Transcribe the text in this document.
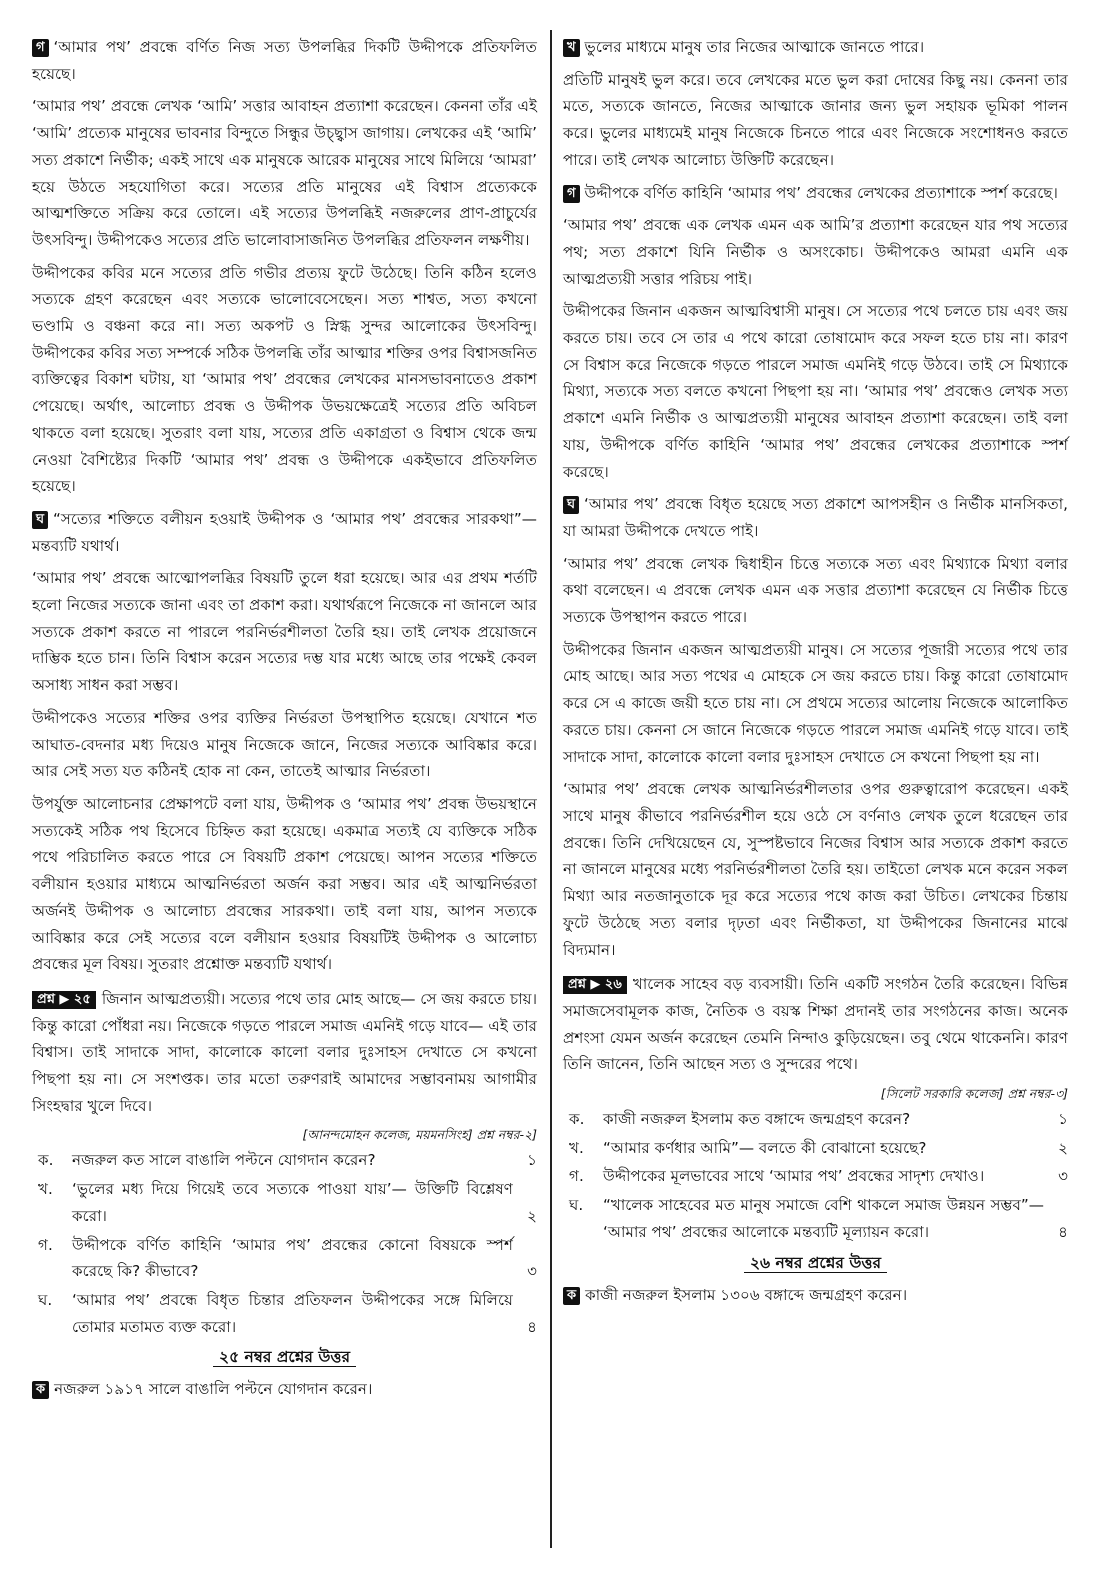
গ ‘আমার পথ’ প্রবন্ধে বর্ণিত নিজ সত্য উপলব্ধির দিকটি উদ্দীপকে প্রতিফলিত হয়েছে।

‘আমার পথ’ প্রবন্ধে লেখক ‘আমি’ সত্তার আবাহন প্রত্যাশা করেছেন। কেননা তাঁর এই ‘আমি’ প্রত্যেক মানুষের ভাবনার বিন্দুতে সিন্ধুর উচ্ছ্বাস জাগায়। লেখকের এই ‘আমি’ সত্য প্রকাশে নির্ভীক; একই সাথে এক মানুষকে আরেক মানুষের সাথে মিলিয়ে ‘আমরা’ হয়ে উঠতে সহযোগিতা করে। সত্যের প্রতি মানুষের এই বিশ্বাস প্রত্যেককে আত্মশক্তিতে সক্রিয় করে তোলে। এই সত্যের উপলব্ধিই নজরুলের প্রাণ-প্রাচুর্যের উৎসবিন্দু। উদ্দীপকেও সত্যের প্রতি ভালোবাসাজনিত উপলব্ধির প্রতিফলন লক্ষণীয়।

উদ্দীপকের কবির মনে সত্যের প্রতি গভীর প্রত্যয় ফুটে উঠেছে। তিনি কঠিন হলেও সত্যকে গ্রহণ করেছেন এবং সত্যকে ভালোবেসেছেন। সত্য শাশ্বত, সত্য কখনো ভণ্ডামি ও বঞ্চনা করে না। সত্য অকপট ও স্নিগ্ধ সুন্দর আলোকের উৎসবিন্দু। উদ্দীপকের কবির সত্য সম্পর্কে সঠিক উপলব্ধি তাঁর আত্মার শক্তির ওপর বিশ্বাসজনিত ব্যক্তিত্বের বিকাশ ঘটায়, যা ‘আমার পথ’ প্রবন্ধের লেখকের মানসভাবনাতেও প্রকাশ পেয়েছে। অর্থাৎ, আলোচ্য প্রবন্ধ ও উদ্দীপক উভয়ক্ষেত্রেই সত্যের প্রতি অবিচল থাকতে বলা হয়েছে। সুতরাং বলা যায়, সত্যের প্রতি একাগ্রতা ও বিশ্বাস থেকে জন্ম নেওয়া বৈশিষ্ট্যের দিকটি ‘আমার পথ’ প্রবন্ধ ও উদ্দীপকে একইভাবে প্রতিফলিত হয়েছে।

ঘ “সত্যের শক্তিতে বলীয়ন হওয়াই উদ্দীপক ও ‘আমার পথ’ প্রবন্ধের সারকথা”— মন্তব্যটি যথার্থ।

‘আমার পথ’ প্রবন্ধে আত্মোপলব্ধির বিষয়টি তুলে ধরা হয়েছে। আর এর প্রথম শর্তটি হলো নিজের সত্যকে জানা এবং তা প্রকাশ করা। যথার্থরূপে নিজেকে না জানলে আর সত্যকে প্রকাশ করতে না পারলে পরনির্ভরশীলতা তৈরি হয়। তাই লেখক প্রয়োজনে দাম্ভিক হতে চান। তিনি বিশ্বাস করেন সত্যের দম্ভ যার মধ্যে আছে তার পক্ষেই কেবল অসাধ্য সাধন করা সম্ভব।

উদ্দীপকেও সত্যের শক্তির ওপর ব্যক্তির নির্ভরতা উপস্থাপিত হয়েছে। যেখানে শত আঘাত-বেদনার মধ্য দিয়েও মানুষ নিজেকে জানে, নিজের সত্যকে আবিষ্কার করে। আর সেই সত্য যত কঠিনই হোক না কেন, তাতেই আত্মার নির্ভরতা।

উপর্যুক্ত আলোচনার প্রেক্ষাপটে বলা যায়, উদ্দীপক ও ‘আমার পথ’ প্রবন্ধ উভয়স্থানে সত্যকেই সঠিক পথ হিসেবে চিহ্নিত করা হয়েছে। একমাত্র সত্যই যে ব্যক্তিকে সঠিক পথে পরিচালিত করতে পারে সে বিষয়টি প্রকাশ পেয়েছে। আপন সত্যের শক্তিতে বলীয়ান হওয়ার মাধ্যমে আত্মনির্ভরতা অর্জন করা সম্ভব। আর এই আত্মনির্ভরতা অর্জনই উদ্দীপক ও আলোচ্য প্রবন্ধের সারকথা। তাই বলা যায়, আপন সত্যকে আবিষ্কার করে সেই সত্যের বলে বলীয়ান হওয়ার বিষয়টিই উদ্দীপক ও আলোচ্য প্রবন্ধের মূল বিষয়। সুতরাং প্রশ্নোক্ত মন্তব্যটি যথার্থ।

প্রশ্ন ▶ ২৫ জিনান আত্মপ্রত্যয়ী। সত্যের পথে তার মোহ আছে— সে জয় করতে চায়। কিন্তু কারো পোঁধরা নয়। নিজেকে গড়তে পারলে সমাজ এমনিই গড়ে যাবে— এই তার বিশ্বাস। তাই সাদাকে সাদা, কালোকে কালো বলার দুঃসাহস দেখাতে সে কখনো পিছপা হয় না। সে সংশপ্তক। তার মতো তরুণরাই আমাদের সম্ভাবনাময় আগামীর সিংহদ্বার খুলে দিবে।

[আনন্দমোহন কলেজ, ময়মনসিংহ] প্রশ্ন নম্বর-২]
ক.	নজরুল কত সালে বাঙালি পল্টনে যোগদান করেন?	১
খ.	‘ভুলের মধ্য দিয়ে গিয়েই তবে সত্যকে পাওয়া যায়’— উক্তিটি বিশ্লেষণ করো।	২
গ.	উদ্দীপকে বর্ণিত কাহিনি ‘আমার পথ’ প্রবন্ধের কোনো বিষয়কে স্পর্শ করেছে কি? কীভাবে?	৩
ঘ.	‘আমার পথ’ প্রবন্ধে বিধৃত চিন্তার প্রতিফলন উদ্দীপকের সঙ্গে মিলিয়ে তোমার মতামত ব্যক্ত করো।	৪
২৫ নম্বর প্রশ্নের উত্তর

ক নজরুল ১৯১৭ সালে বাঙালি পল্টনে যোগদান করেন।

খ ভুলের মাধ্যমে মানুষ তার নিজের আত্মাকে জানতে পারে।

প্রতিটি মানুষই ভুল করে। তবে লেখকের মতে ভুল করা দোষের কিছু নয়। কেননা তার মতে, সত্যকে জানতে, নিজের আত্মাকে জানার জন্য ভুল সহায়ক ভূমিকা পালন করে। ভুলের মাধ্যমেই মানুষ নিজেকে চিনতে পারে এবং নিজেকে সংশোধনও করতে পারে। তাই লেখক আলোচ্য উক্তিটি করেছেন।

গ উদ্দীপকে বর্ণিত কাহিনি ‘আমার পথ’ প্রবন্ধের লেখকের প্রত্যাশাকে স্পর্শ করেছে।

‘আমার পথ’ প্রবন্ধে এক লেখক এমন এক আমি’র প্রত্যাশা করেছেন যার পথ সত্যের পথ; সত্য প্রকাশে যিনি নির্ভীক ও অসংকোচ। উদ্দীপকেও আমরা এমনি এক আত্মপ্রত্যয়ী সত্তার পরিচয় পাই।

উদ্দীপকের জিনান একজন আত্মবিশ্বাসী মানুষ। সে সত্যের পথে চলতে চায় এবং জয় করতে চায়। তবে সে তার এ পথে কারো তোষামোদ করে সফল হতে চায় না। কারণ সে বিশ্বাস করে নিজেকে গড়তে পারলে সমাজ এমনিই গড়ে উঠবে। তাই সে মিথ্যাকে মিথ্যা, সত্যকে সত্য বলতে কখনো পিছপা হয় না। ‘আমার পথ’ প্রবন্ধেও লেখক সত্য প্রকাশে এমনি নির্ভীক ও আত্মপ্রত্যয়ী মানুষের আবাহন প্রত্যাশা করেছেন। তাই বলা যায়, উদ্দীপকে বর্ণিত কাহিনি ‘আমার পথ’ প্রবন্ধের লেখকের প্রত্যাশাকে স্পর্শ করেছে।

ঘ ‘আমার পথ’ প্রবন্ধে বিধৃত হয়েছে সত্য প্রকাশে আপসহীন ও নির্ভীক মানসিকতা, যা আমরা উদ্দীপকে দেখতে পাই।

‘আমার পথ’ প্রবন্ধে লেখক দ্বিধাহীন চিত্তে সত্যকে সত্য এবং মিথ্যাকে মিথ্যা বলার কথা বলেছেন। এ প্রবন্ধে লেখক এমন এক সত্তার প্রত্যাশা করেছেন যে নির্ভীক চিত্তে সত্যকে উপস্থাপন করতে পারে।

উদ্দীপকের জিনান একজন আত্মপ্রত্যয়ী মানুষ। সে সত্যের পূজারী সত্যের পথে তার মোহ আছে। আর সত্য পথের এ মোহকে সে জয় করতে চায়। কিন্তু কারো তোষামোদ করে সে এ কাজে জয়ী হতে চায় না। সে প্রথমে সত্যের আলোয় নিজেকে আলোকিত করতে চায়। কেননা সে জানে নিজেকে গড়তে পারলে সমাজ এমনিই গড়ে যাবে। তাই সাদাকে সাদা, কালোকে কালো বলার দুঃসাহস দেখাতে সে কখনো পিছপা হয় না।

‘আমার পথ’ প্রবন্ধে লেখক আত্মনির্ভরশীলতার ওপর গুরুত্বারোপ করেছেন। একই সাথে মানুষ কীভাবে পরনির্ভরশীল হয়ে ওঠে সে বর্ণনাও লেখক তুলে ধরেছেন তার প্রবন্ধে। তিনি দেখিয়েছেন যে, সুস্পষ্টভাবে নিজের বিশ্বাস আর সত্যকে প্রকাশ করতে না জানলে মানুষের মধ্যে পরনির্ভরশীলতা তৈরি হয়। তাইতো লেখক মনে করেন সকল মিথ্যা আর নতজানুতাকে দূর করে সত্যের পথে কাজ করা উচিত। লেখকের চিন্তায় ফুটে উঠেছে সত্য বলার দৃঢ়তা এবং নির্ভীকতা, যা উদ্দীপকের জিনানের মাঝে বিদ্যমান।

প্রশ্ন ▶ ২৬ খালেক সাহেব বড় ব্যবসায়ী। তিনি একটি সংগঠন তৈরি করেছেন। বিভিন্ন সমাজসেবামূলক কাজ, নৈতিক ও বয়স্ক শিক্ষা প্রদানই তার সংগঠনের কাজ। অনেক প্রশংসা যেমন অর্জন করেছেন তেমনি নিন্দাও কুড়িয়েছেন। তবু থেমে থাকেননি। কারণ তিনি জানেন, তিনি আছেন সত্য ও সুন্দরের পথে।

[সিলেট সরকারি কলেজ] প্রশ্ন নম্বর-৩]
ক.	কাজী নজরুল ইসলাম কত বঙ্গাব্দে জন্মগ্রহণ করেন?	১
খ.	“আমার কর্ণধার আমি”— বলতে কী বোঝানো হয়েছে?	২
গ.	উদ্দীপকের মূলভাবের সাথে ‘আমার পথ’ প্রবন্ধের সাদৃশ্য দেখাও।	৩
ঘ.	“খালেক সাহেবের মত মানুষ সমাজে বেশি থাকলে সমাজ উন্নয়ন সম্ভব”— ‘আমার পথ’ প্রবন্ধের আলোকে মন্তব্যটি মূল্যায়ন করো।	৪
২৬ নম্বর প্রশ্নের উত্তর

ক কাজী নজরুল ইসলাম ১৩০৬ বঙ্গাব্দে জন্মগ্রহণ করেন।
